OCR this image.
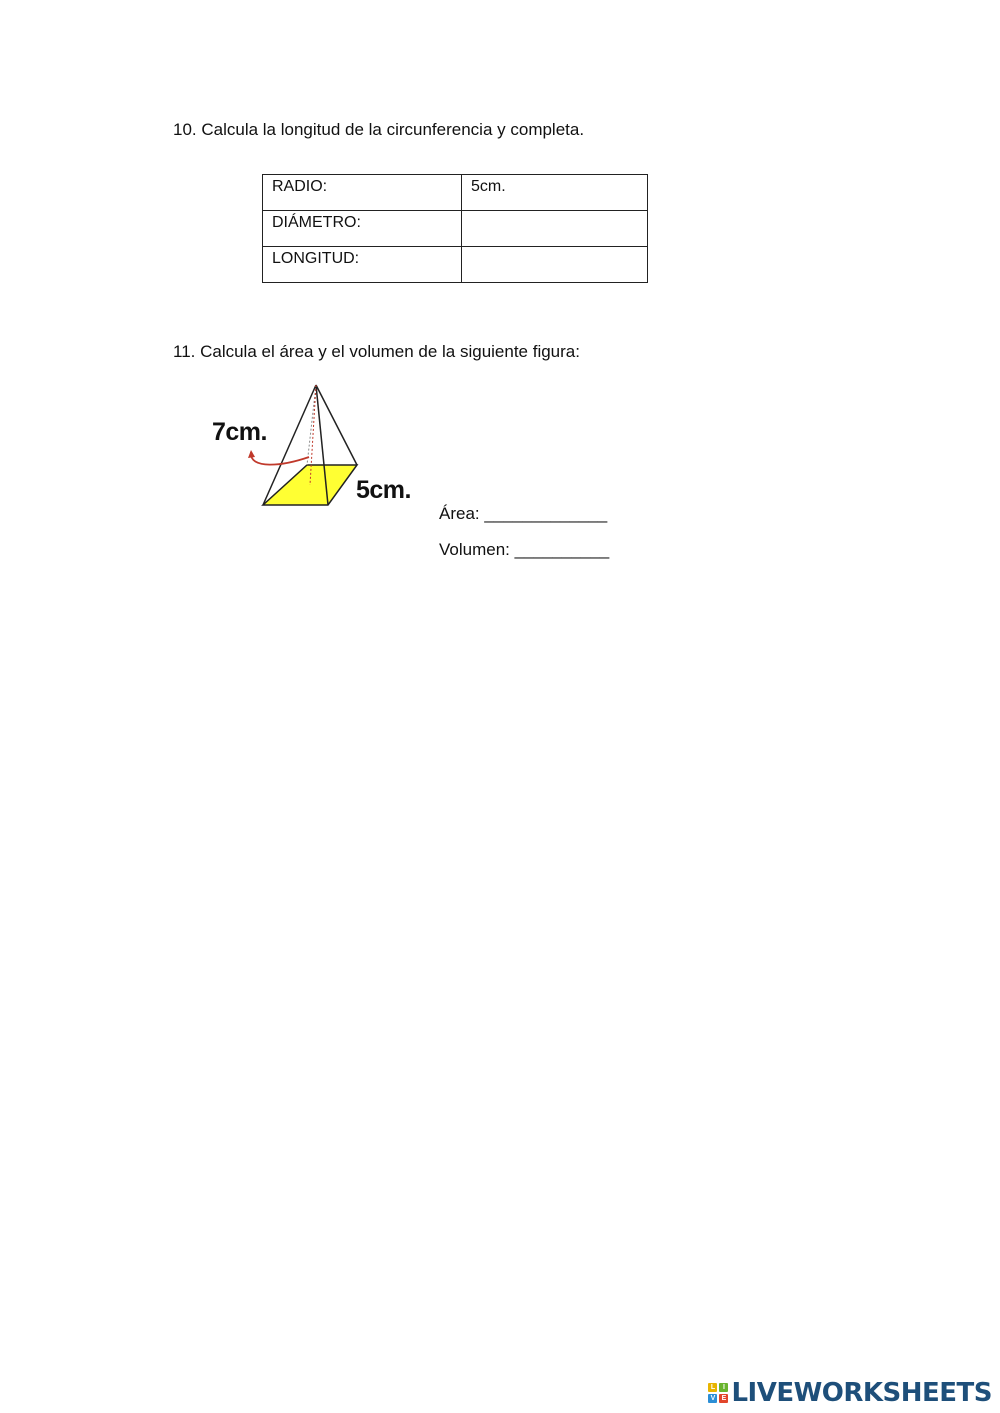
10. Calcula la longitud de la circunferencia y completa.
RADIO:	5cm.
DIÁMETRO:	
LONGITUD:	
11. Calcula el área y el volumen de la siguiente figura:
7cm.
5cm.
Área: _____________
Volumen: __________
L	I
V E LIVEWORKSHEETS
